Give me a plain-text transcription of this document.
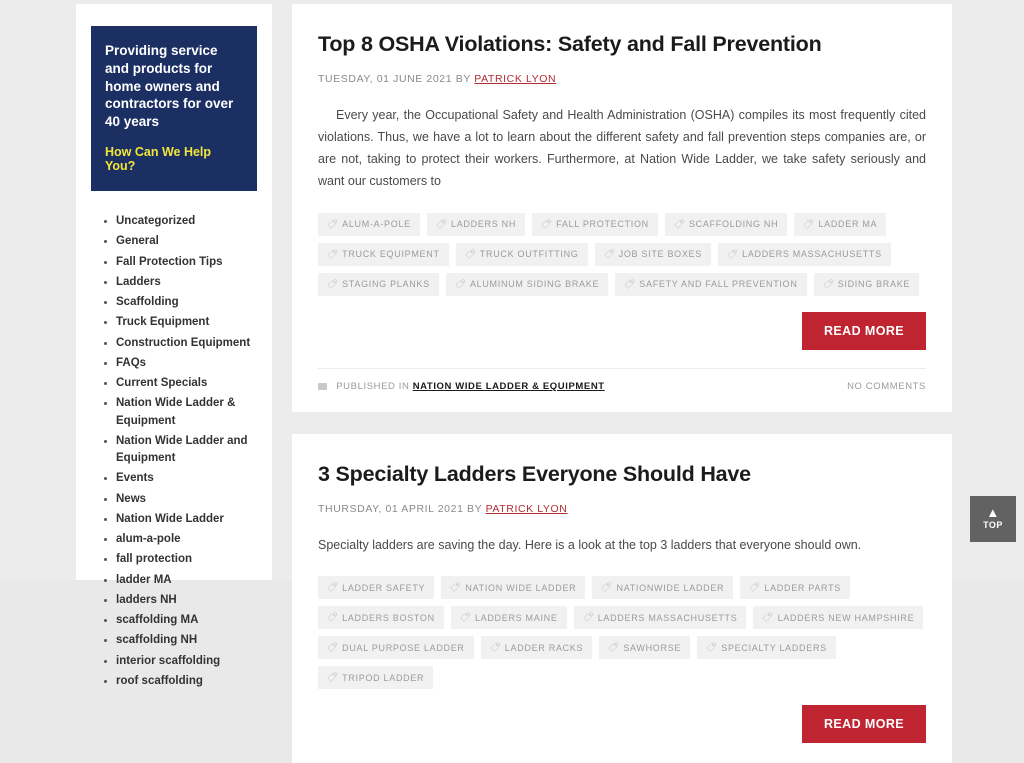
Providing service and products for home owners and contractors for over 40 years

How Can We Help You?
Uncategorized
General
Fall Protection Tips
Ladders
Scaffolding
Truck Equipment
Construction Equipment
FAQs
Current Specials
Nation Wide Ladder & Equipment
Nation Wide Ladder and Equipment
Events
News
Nation Wide Ladder
alum-a-pole
fall protection
ladder MA
ladders NH
scaffolding MA
scaffolding NH
interior scaffolding
roof scaffolding
Top 8 OSHA Violations: Safety and Fall Prevention
TUESDAY, 01 JUNE 2021 BY PATRICK LYON

Every year, the Occupational Safety and Health Administration (OSHA) compiles its most frequently cited violations. Thus, we have a lot to learn about the different safety and fall prevention steps companies are, or are not, taking to protect their workers. Furthermore, at Nation Wide Ladder, we take safety seriously and want our customers to

🏷 ALUM-A-POLE	🏷 LADDERS NH	🏷 FALL PROTECTION	🏷 SCAFFOLDING NH	🏷 LADDER MA
🏷 TRUCK EQUIPMENT	🏷 TRUCK OUTFITTING	🏷 JOB SITE BOXES	🏷 LADDERS MASSACHUSETTS
🏷 STAGING PLANKS	🏷 ALUMINUM SIDING BRAKE	🏷 SAFETY AND FALL PREVENTION	🏷 SIDING BRAKE
READ MORE
PUBLISHED IN NATION WIDE LADDER & EQUIPMENT	NO COMMENTS
3 Specialty Ladders Everyone Should Have
THURSDAY, 01 APRIL 2021 BY PATRICK LYON

Specialty ladders are saving the day. Here is a look at the top 3 ladders that everyone should own.

🏷 LADDER SAFETY	🏷 NATION WIDE LADDER	🏷 NATIONWIDE LADDER	🏷 LADDER PARTS
🏷 LADDERS BOSTON	🏷 LADDERS MAINE	🏷 LADDERS MASSACHUSETTS	🏷 LADDERS NEW HAMPSHIRE
🏷 DUAL PURPOSE LADDER	🏷 LADDER RACKS	🏷 SAWHORSE	🏷 SPECIALTY LADDERS
🏷 TRIPOD LADDER
READ MORE
▲
TOP
